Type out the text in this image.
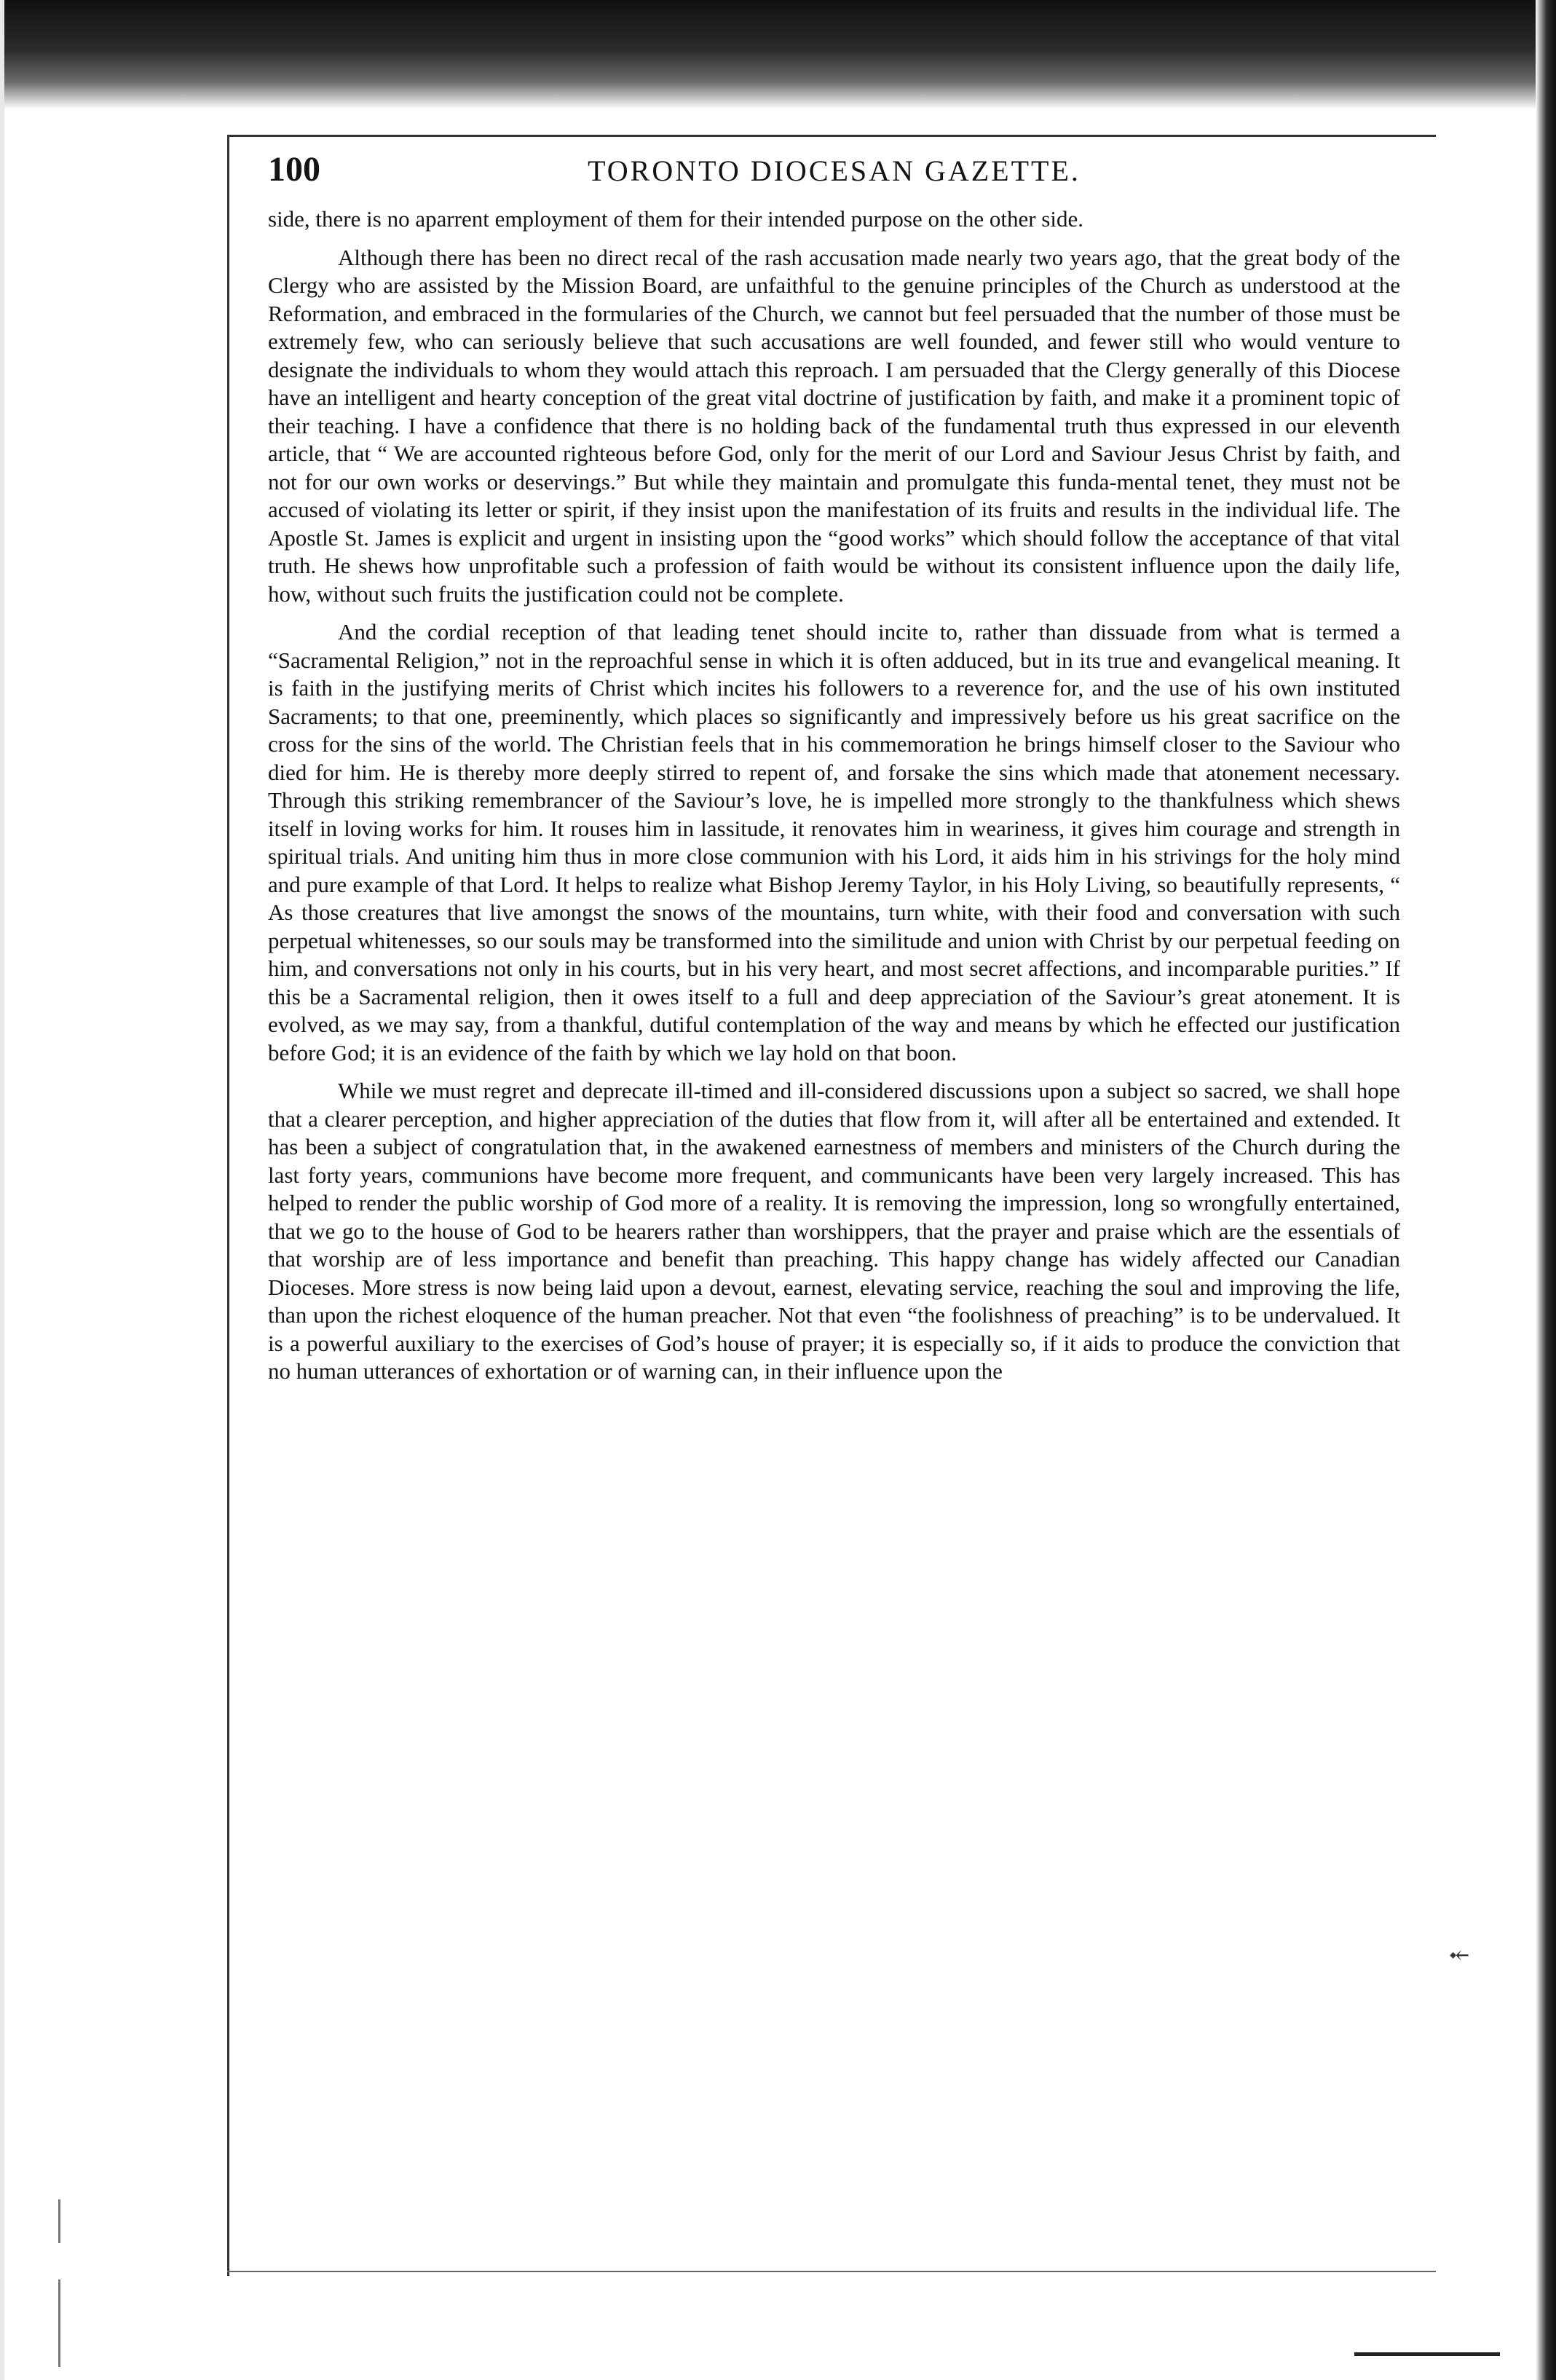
⤝
100	TORONTO DIOCESAN GAZETTE.

side, there is no aparrent employment of them for their intended purpose on the other side.

Although there has been no direct recal of the rash accusation made nearly two years ago, that the great body of the Clergy who are assisted by the Mission Board, are unfaithful to the genuine principles of the Church as understood at the Reformation, and embraced in the formularies of the Church, we cannot but feel persuaded that the number of those must be extremely few, who can seriously believe that such accusations are well founded, and fewer still who would venture to designate the individuals to whom they would attach this reproach. I am persuaded that the Clergy generally of this Diocese have an intelligent and hearty conception of the great vital doctrine of justification by faith, and make it a prominent topic of their teaching. I have a confidence that there is no holding back of the fundamental truth thus expressed in our eleventh article, that “ We are accounted righteous before God, only for the merit of our Lord and Saviour Jesus Christ by faith, and not for our own works or deservings.” But while they maintain and promulgate this funda-mental tenet, they must not be accused of violating its letter or spirit, if they insist upon the manifestation of its fruits and results in the individual life. The Apostle St. James is explicit and urgent in insisting upon the “good works” which should follow the acceptance of that vital truth. He shews how unprofitable such a profession of faith would be without its consistent influence upon the daily life, how, without such fruits the justification could not be complete.

And the cordial reception of that leading tenet should incite to, rather than dissuade from what is termed a “Sacramental Religion,” not in the reproachful sense in which it is often adduced, but in its true and evangelical meaning. It is faith in the justifying merits of Christ which incites his followers to a reverence for, and the use of his own instituted Sacraments; to that one, preeminently, which places so significantly and impressively before us his great sacrifice on the cross for the sins of the world. The Christian feels that in his commemoration he brings himself closer to the Saviour who died for him. He is thereby more deeply stirred to repent of, and forsake the sins which made that atonement necessary. Through this striking remembrancer of the Saviour’s love, he is impelled more strongly to the thankfulness which shews itself in loving works for him. It rouses him in lassitude, it renovates him in weariness, it gives him courage and strength in spiritual trials. And uniting him thus in more close communion with his Lord, it aids him in his strivings for the holy mind and pure example of that Lord. It helps to realize what Bishop Jeremy Taylor, in his Holy Living, so beautifully represents, “ As those creatures that live amongst the snows of the mountains, turn white, with their food and conversation with such perpetual whitenesses, so our souls may be transformed into the similitude and union with Christ by our perpetual feeding on him, and conversations not only in his courts, but in his very heart, and most secret affections, and incomparable purities.” If this be a Sacramental religion, then it owes itself to a full and deep appreciation of the Saviour’s great atonement. It is evolved, as we may say, from a thankful, dutiful contemplation of the way and means by which he effected our justification before God; it is an evidence of the faith by which we lay hold on that boon.

While we must regret and deprecate ill-timed and ill-considered discussions upon a subject so sacred, we shall hope that a clearer perception, and higher appreciation of the duties that flow from it, will after all be entertained and extended. It has been a subject of congratulation that, in the awakened earnestness of members and ministers of the Church during the last forty years, communions have become more frequent, and communicants have been very largely increased. This has helped to render the public worship of God more of a reality. It is removing the impression, long so wrongfully entertained, that we go to the house of God to be hearers rather than worshippers, that the prayer and praise which are the essentials of that worship are of less importance and benefit than preaching. This happy change has widely affected our Canadian Dioceses. More stress is now being laid upon a devout, earnest, elevating service, reaching the soul and improving the life, than upon the richest eloquence of the human preacher. Not that even “the foolishness of preaching” is to be undervalued. It is a powerful auxiliary to the exercises of God’s house of prayer; it is especially so, if it aids to produce the conviction that no human utterances of exhortation or of warning can, in their influence upon the
